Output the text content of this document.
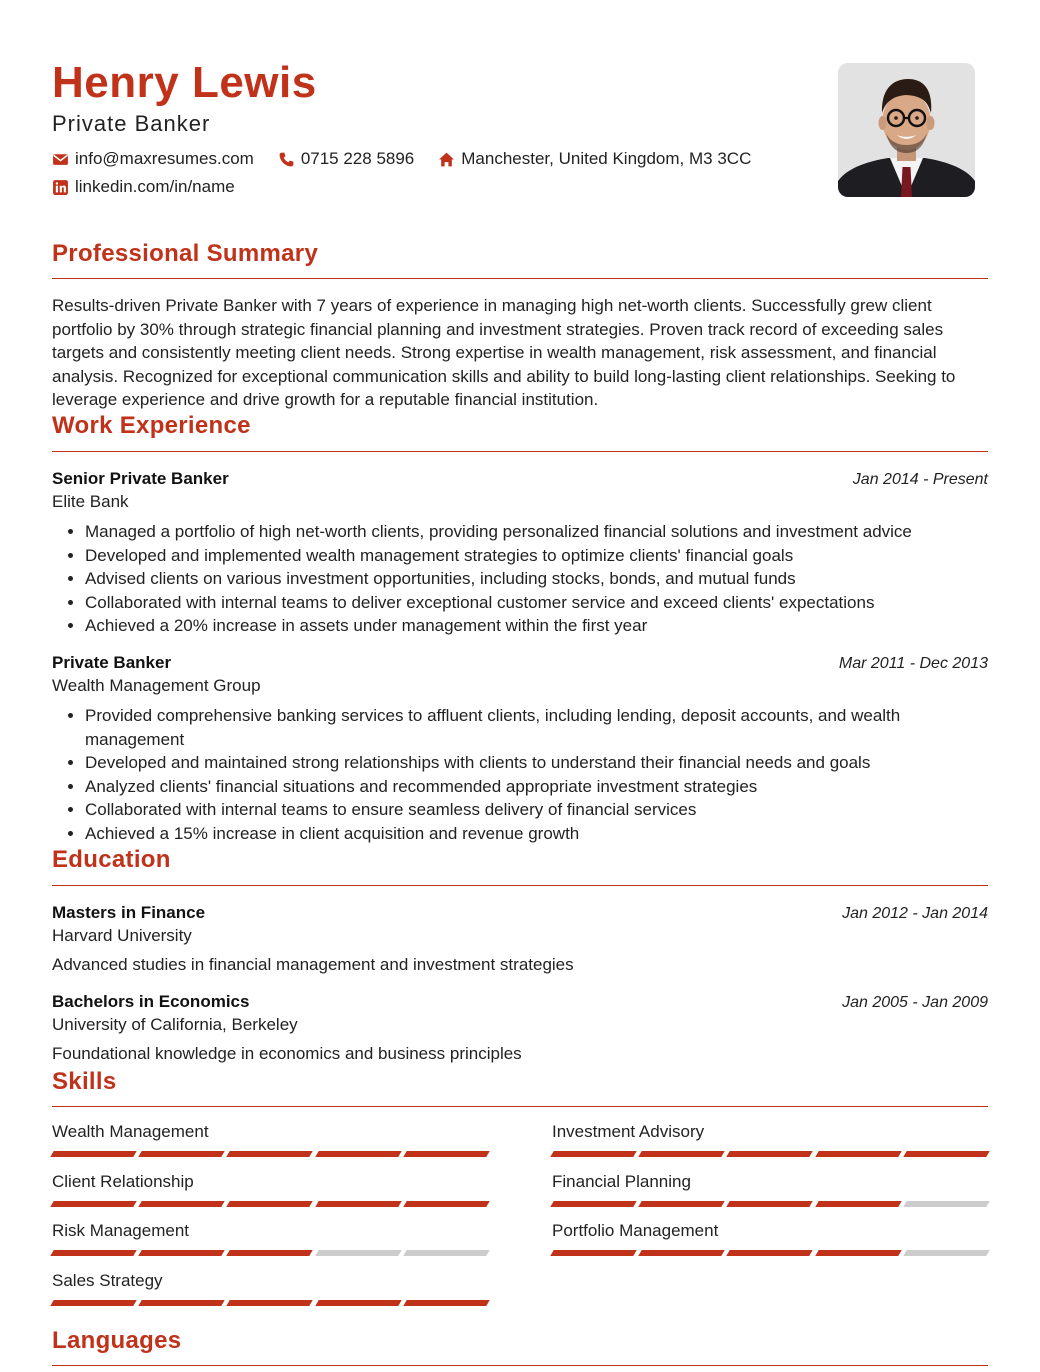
Henry Lewis

Private Banker

info@maxresumes.com	0715 228 5896	Manchester, United Kingdom, M3 3CC
linkedin.com/in/name
Professional Summary

Results-driven Private Banker with 7 years of experience in managing high net-worth clients. Successfully grew client portfolio by 30% through strategic financial planning and investment strategies. Proven track record of exceeding sales targets and consistently meeting client needs. Strong expertise in wealth management, risk assessment, and financial analysis. Recognized for exceptional communication skills and ability to build long-lasting client relationships. Seeking to leverage experience and drive growth for a reputable financial institution.

Work Experience
Senior Private Banker	Jan 2014 - Present
Elite Bank
• Managed a portfolio of high net-worth clients, providing personalized financial solutions and investment advice
• Developed and implemented wealth management strategies to optimize clients' financial goals
• Advised clients on various investment opportunities, including stocks, bonds, and mutual funds
• Collaborated with internal teams to deliver exceptional customer service and exceed clients' expectations
• Achieved a 20% increase in assets under management within the first year
Private Banker	Mar 2011 - Dec 2013
Wealth Management Group
• Provided comprehensive banking services to affluent clients, including lending, deposit accounts, and wealth management
• Developed and maintained strong relationships with clients to understand their financial needs and goals
• Analyzed clients' financial situations and recommended appropriate investment strategies
• Collaborated with internal teams to ensure seamless delivery of financial services
• Achieved a 15% increase in client acquisition and revenue growth
Education
Masters in Finance	Jan 2012 - Jan 2014
Harvard University
Advanced studies in financial management and investment strategies
Bachelors in Economics	Jan 2005 - Jan 2009
University of California, Berkeley
Foundational knowledge in economics and business principles
Skills
Wealth Management	Investment Advisory
Client Relationship	Financial Planning
Risk Management	Portfolio Management
Sales Strategy
Languages
